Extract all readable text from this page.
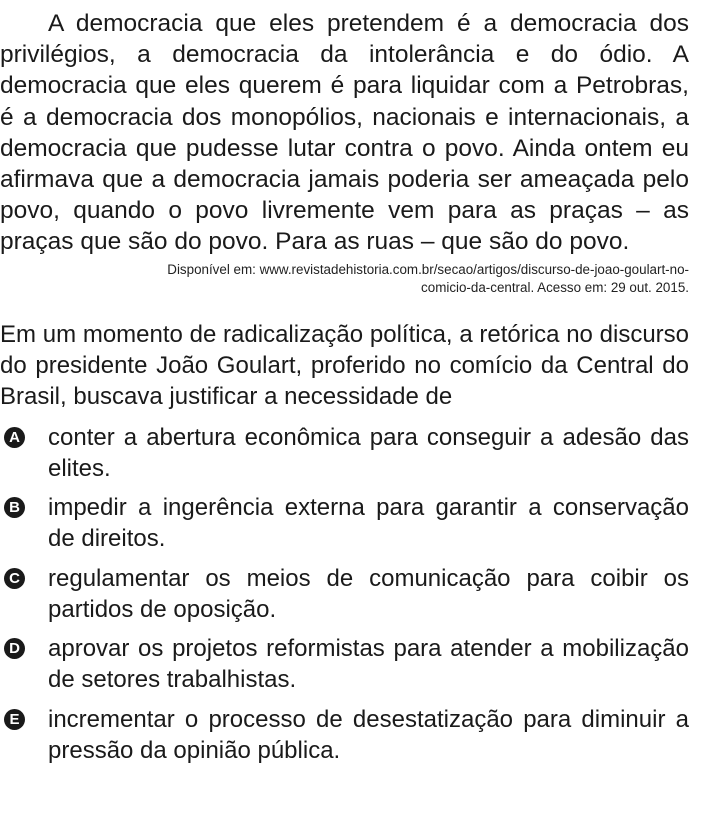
A democracia que eles pretendem é a democracia dos privilégios, a democracia da intolerância e do ódio. A democracia que eles querem é para liquidar com a Petrobras, é a democracia dos monopólios, nacionais e internacionais, a democracia que pudesse lutar contra o povo. Ainda ontem eu afirmava que a democracia jamais poderia ser ameaçada pelo povo, quando o povo livremente vem para as praças – as praças que são do povo. Para as ruas – que são do povo.

Disponível em: www.revistadehistoria.com.br/secao/artigos/discurso-de-joao-goulart-no-
comicio-da-central. Acesso em: 29 out. 2015.

Em um momento de radicalização política, a retórica no discurso do presidente João Goulart, proferido no comício da Central do Brasil, buscava justificar a necessidade de

A conter a abertura econômica para conseguir a adesão das elites.
B impedir a ingerência externa para garantir a conservação de direitos.
C regulamentar os meios de comunicação para coibir os partidos de oposição.
D aprovar os projetos reformistas para atender a mobilização de setores trabalhistas.
E incrementar o processo de desestatização para diminuir a pressão da opinião pública.
